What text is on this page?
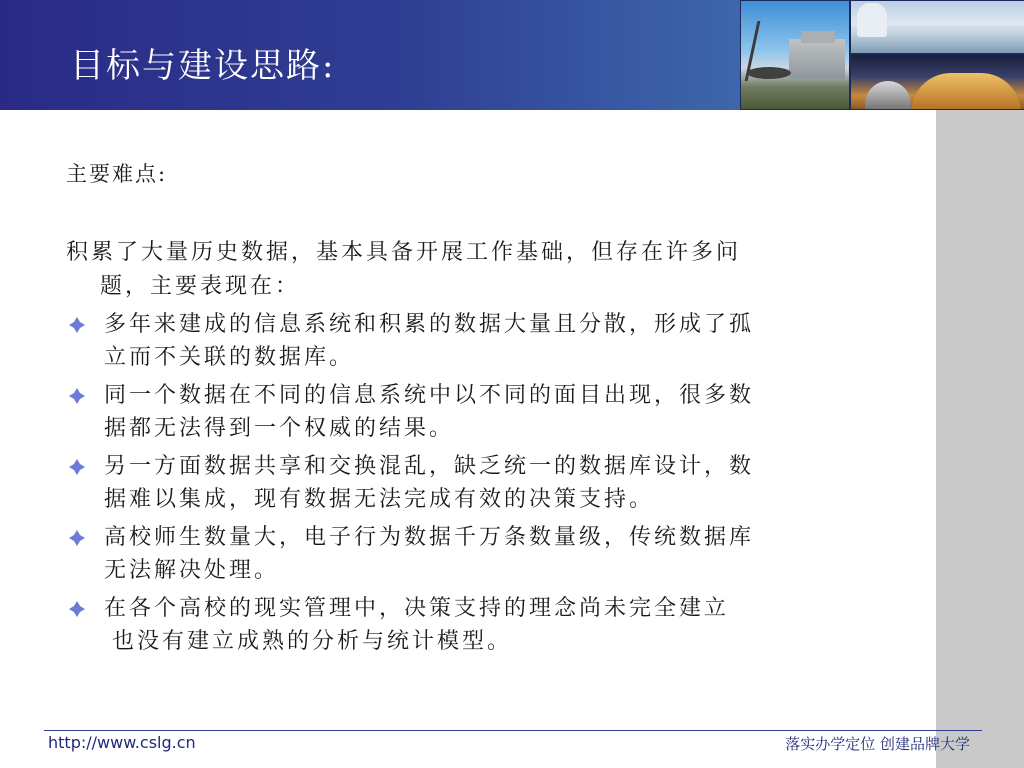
目标与建设思路:
主要难点:
积累了大量历史数据，基本具备开展工作基础，但存在许多问
题，主要表现在：
多年来建成的信息系统和积累的数据大量且分散，形成了孤
立而不关联的数据库。
同一个数据在不同的信息系统中以不同的面目出现，很多数
据都无法得到一个权威的结果。
另一方面数据共享和交换混乱，缺乏统一的数据库设计，数
据难以集成，现有数据无法完成有效的决策支持。
高校师生数量大，电子行为数据千万条数量级，传统数据库
无法解决处理。
在各个高校的现实管理中，决策支持的理念尚未完全建立

也没有建立成熟的分析与统计模型。
http://www.cslg.cn	落实办学定位 创建品牌大学
